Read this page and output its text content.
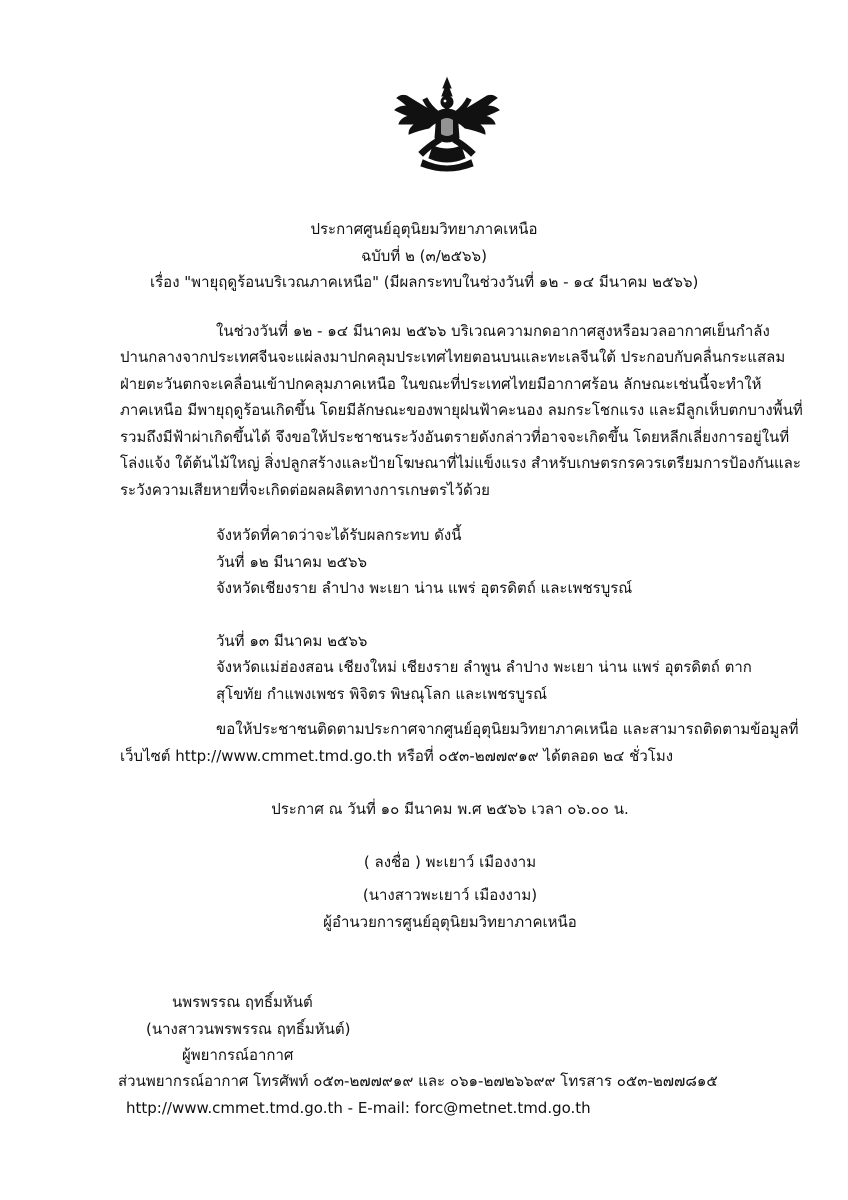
ประกาศศูนย์อุตุนิยมวิทยาภาคเหนือ
ฉบับที่ ๒ (๓/๒๕๖๖)
เรื่อง "พายุฤดูร้อนบริเวณภาคเหนือ" (มีผลกระทบในช่วงวันที่ ๑๒ - ๑๔ มีนาคม ๒๕๖๖)
ในช่วงวันที่ ๑๒ - ๑๔ มีนาคม ๒๕๖๖ บริเวณความกดอากาศสูงหรือมวลอากาศเย็นกำลัง
ปานกลางจากประเทศจีนจะแผ่ลงมาปกคลุมประเทศไทยตอนบนและทะเลจีนใต้ ประกอบกับคลื่นกระแสลม
ฝ่ายตะวันตกจะเคลื่อนเข้าปกคลุมภาคเหนือ ในขณะที่ประเทศไทยมีอากาศร้อน ลักษณะเช่นนี้จะทำให้
ภาคเหนือ มีพายุฤดูร้อนเกิดขึ้น โดยมีลักษณะของพายุฝนฟ้าคะนอง ลมกระโชกแรง และมีลูกเห็บตกบางพื้นที่
รวมถึงมีฟ้าผ่าเกิดขึ้นได้ จึงขอให้ประชาชนระวังอันตรายดังกล่าวที่อาจจะเกิดขึ้น โดยหลีกเลี่ยงการอยู่ในที่
โล่งแจ้ง ใต้ต้นไม้ใหญ่ สิ่งปลูกสร้างและป้ายโฆษณาที่ไม่แข็งแรง สำหรับเกษตรกรควรเตรียมการป้องกันและ
ระวังความเสียหายที่จะเกิดต่อผลผลิตทางการเกษตรไว้ด้วย
จังหวัดที่คาดว่าจะได้รับผลกระทบ ดังนี้
วันที่ ๑๒ มีนาคม ๒๕๖๖
จังหวัดเชียงราย ลำปาง พะเยา น่าน แพร่ อุตรดิตถ์ และเพชรบูรณ์
วันที่ ๑๓ มีนาคม ๒๕๖๖
จังหวัดแม่ฮ่องสอน เชียงใหม่ เชียงราย ลำพูน ลำปาง พะเยา น่าน แพร่ อุตรดิตถ์ ตาก
สุโขทัย กำแพงเพชร พิจิตร พิษณุโลก และเพชรบูรณ์
ขอให้ประชาชนติดตามประกาศจากศูนย์อุตุนิยมวิทยาภาคเหนือ และสามารถติดตามข้อมูลที่
เว็บไซต์ http://www.cmmet.tmd.go.th หรือที่ ๐๕๓-๒๗๗๙๑๙ ได้ตลอด ๒๔ ชั่วโมง
ประกาศ ณ วันที่ ๑๐ มีนาคม พ.ศ ๒๕๖๖ เวลา ๐๖.๐๐ น.
( ลงชื่อ ) พะเยาว์ เมืองงาม
(นางสาวพะเยาว์ เมืองงาม)
ผู้อำนวยการศูนย์อุตุนิยมวิทยาภาคเหนือ
นพรพรรณ ฤทธิ์มหันต์
(นางสาวนพรพรรณ ฤทธิ์มหันต์)
ผู้พยากรณ์อากาศ
ส่วนพยากรณ์อากาศ โทรศัพท์ ๐๕๓-๒๗๗๙๑๙ และ ๐๖๑-๒๗๒๖๖๙๙ โทรสาร ๐๕๓-๒๗๗๘๑๕
http://www.cmmet.tmd.go.th - E-mail: forc@metnet.tmd.go.th
